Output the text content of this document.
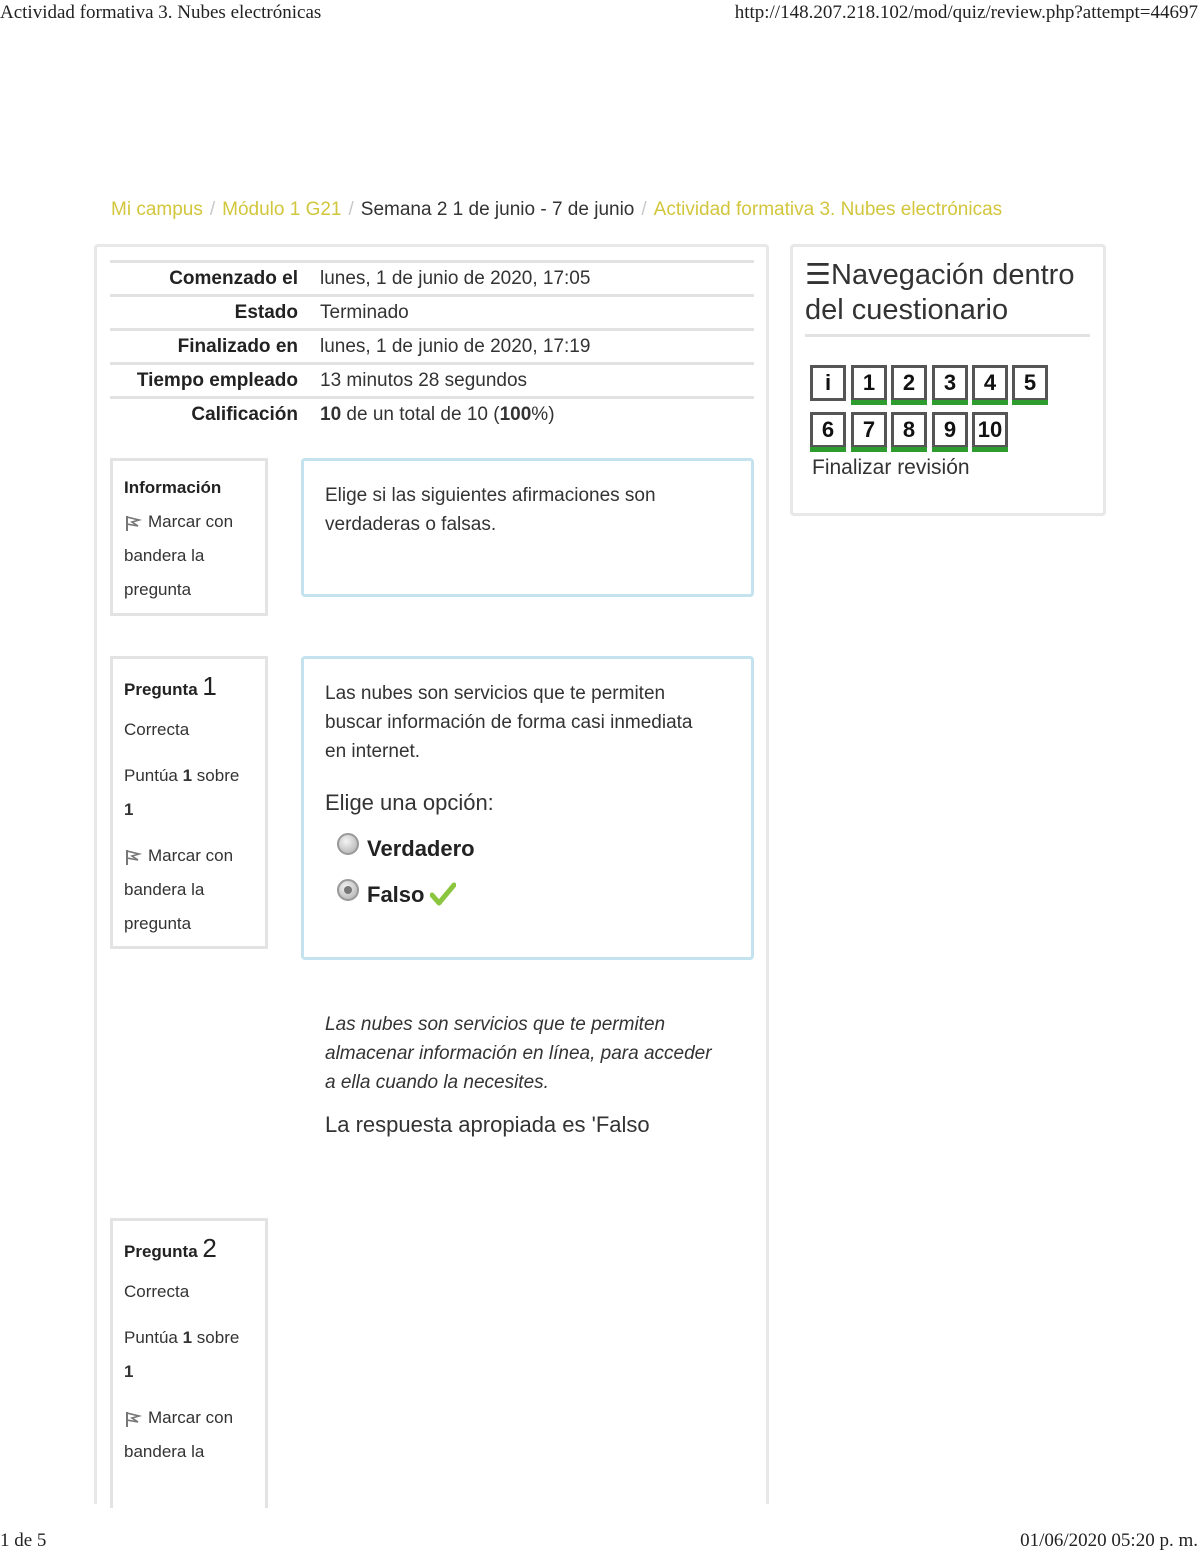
Actividad formativa 3. Nubes electrónicas	http://148.207.218.102/mod/quiz/review.php?attempt=44697
Mi campus / Módulo 1 G21 / Semana 2 1 de junio - 7 de junio / Actividad formativa 3. Nubes electrónicas
Comenzado el	lunes, 1 de junio de 2020, 17:05
Estado	Terminado
Finalizado en	lunes, 1 de junio de 2020, 17:19
Tiempo empleado	13 minutos 28 segundos
Calificación	10 de un total de 10 (100%)
Información
Marcar con
bandera la
pregunta
Elige si las siguientes afirmaciones son
verdaderas o falsas.
Pregunta 1
Correcta
Puntúa 1 sobre
1
Marcar con
bandera la
pregunta
Las nubes son servicios que te permiten
buscar información de forma casi inmediata
en internet.
Elige una opción:
Verdadero
Falso
Las nubes son servicios que te permiten
almacenar información en línea, para acceder
a ella cuando la necesites.
La respuesta apropiada es 'Falso
Pregunta 2
Correcta
Puntúa 1 sobre
1
Marcar con
bandera la
☰Navegación dentro
del cuestionario
i	1	2	3	4	5
6	7	8	9 10
Finalizar revisión
1 de 5	01/06/2020 05:20 p. m.
